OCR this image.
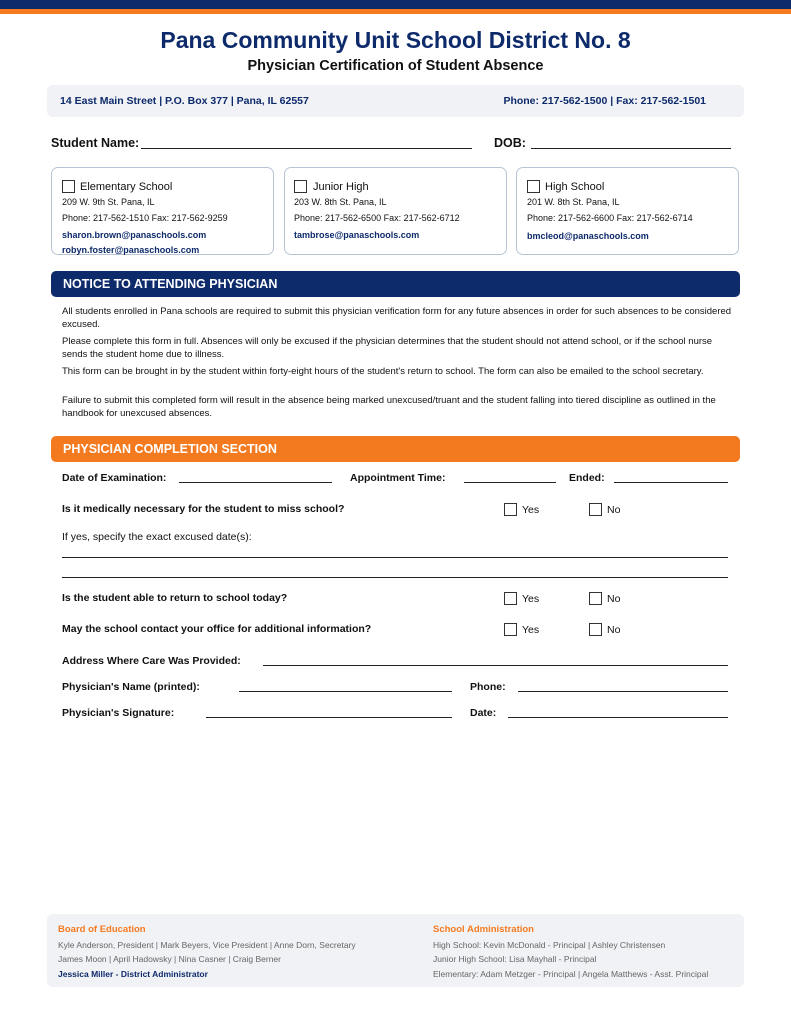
Pana Community Unit School District No. 8
Physician Certification of Student Absence
14 East Main Street | P.O. Box 377 | Pana, IL 62557	Phone: 217-562-1500 | Fax: 217-562-1501
Student Name:	DOB:
Elementary School
209 W. 9th St. Pana, IL
Phone: 217-562-1510 Fax: 217-562-9259
sharon.brown@panaschools.com
robyn.foster@panaschools.com
Junior High
203 W. 8th St. Pana, IL
Phone: 217-562-6500 Fax: 217-562-6712
tambrose@panaschools.com
High School
201 W. 8th St. Pana, IL
Phone: 217-562-6600 Fax: 217-562-6714
bmcleod@panaschools.com
NOTICE TO ATTENDING PHYSICIAN
All students enrolled in Pana schools are required to submit this physician verification form for any future absences in order for such absences to be considered excused.
Please complete this form in full. Absences will only be excused if the physician determines that the student should not attend school, or if the school nurse sends the student home due to illness.
This form can be brought in by the student within forty-eight hours of the student's return to school. The form can also be emailed to the school secretary.
Failure to submit this completed form will result in the absence being marked unexcused/truant and the student falling into tiered discipline as outlined in the handbook for unexcused absences.
PHYSICIAN COMPLETION SECTION
Date of Examination:	Appointment Time:	Ended:
Is it medically necessary for the student to miss school?	Yes	No
If yes, specify the exact excused date(s):
Is the student able to return to school today?	Yes	No
May the school contact your office for additional information?	Yes	No
Address Where Care Was Provided:
Physician's Name (printed):	Phone:
Physician's Signature:	Date:
Board of Education
Kyle Anderson, President | Mark Beyers, Vice President | Anne Dorn, Secretary
James Moon | April Hadowsky | Nina Casner | Craig Berner
Jessica Miller - District Administrator
School Administration
High School: Kevin McDonald - Principal | Ashley Christensen
Junior High School: Lisa Mayhall - Principal
Elementary: Adam Metzger - Principal | Angela Matthews - Asst. Principal
